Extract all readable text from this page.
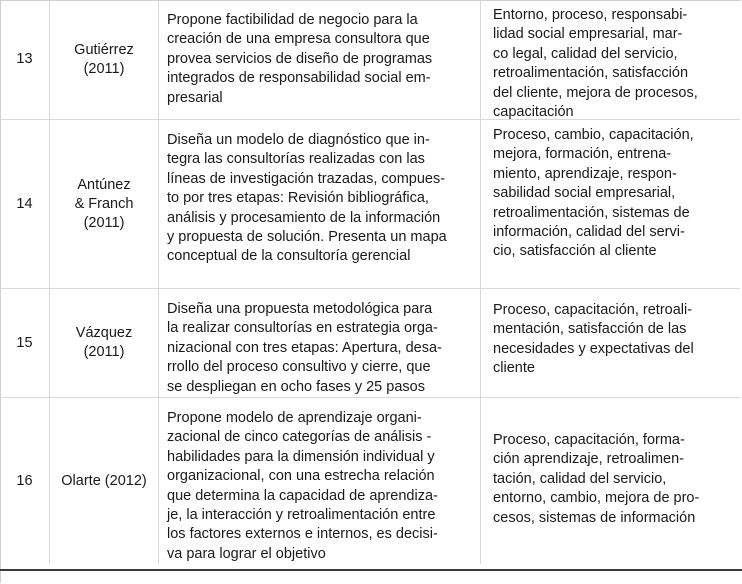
13
Gutiérrez
(2011)

Propone factibilidad de negocio para la
creación de una empresa consultora que
provea servicios de diseño de programas
integrados de responsabilidad social em-
presarial

Entorno, proceso, responsabi-
lidad social empresarial, mar-
co legal, calidad del servicio,
retroalimentación, satisfacción
del cliente, mejora de procesos,
capacitación

14
Antúnez
& Franch
(2011)

Diseña un modelo de diagnóstico que in-
tegra las consultorías realizadas con las
líneas de investigación trazadas, compues-
to por tres etapas: Revisión bibliográfica,
análisis y procesamiento de la información
y propuesta de solución. Presenta un mapa
conceptual de la consultoría gerencial

Proceso, cambio, capacitación,
mejora, formación, entrena-
miento, aprendizaje, respon-
sabilidad social empresarial,
retroalimentación, sistemas de
información, calidad del servi-
cio, satisfacción al cliente

15
Vázquez
(2011)

Diseña una propuesta metodológica para
la realizar consultorías en estrategia orga-
nizacional con tres etapas: Apertura, desa-
rrollo del proceso consultivo y cierre, que
se despliegan en ocho fases y 25 pasos

Proceso, capacitación, retroali-
mentación, satisfacción de las
necesidades y expectativas del
cliente

16 Olarte (2012)

Propone modelo de aprendizaje organi-
zacional de cinco categorías de análisis -
habilidades para la dimensión individual y
organizacional, con una estrecha relación
que determina la capacidad de aprendiza-
je, la interacción y retroalimentación entre
los factores externos e internos, es decisi-
va para lograr el objetivo

Proceso, capacitación, forma-
ción aprendizaje, retroalimen-
tación, calidad del servicio,
entorno, cambio, mejora de pro-
cesos, sistemas de información
